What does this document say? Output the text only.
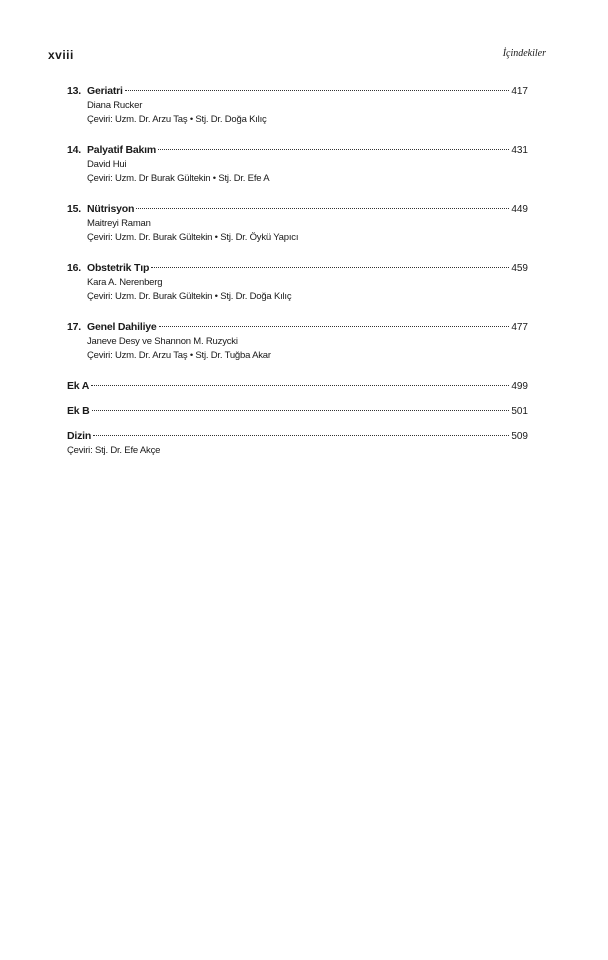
xviii	İçindekiler
13. Geriatri	417
Diana Rucker
Çeviri: Uzm. Dr. Arzu Taş • Stj. Dr. Doğa Kılıç
14. Palyatif Bakım	431
David Hui
Çeviri: Uzm. Dr Burak Gültekin • Stj. Dr. Efe A
15. Nütrisyon	449
Maitreyi Raman
Çeviri: Uzm. Dr. Burak Gültekin • Stj. Dr. Öykü Yapıcı
16. Obstetrik Tıp	459
Kara A. Nerenberg
Çeviri: Uzm. Dr. Burak Gültekin • Stj. Dr. Doğa Kılıç
17. Genel Dahiliye	477
Janeve Desy ve Shannon M. Ruzycki
Çeviri: Uzm. Dr. Arzu Taş • Stj. Dr. Tuğba Akar
Ek A	499
Ek B	501
Dizin	509
Çeviri: Stj. Dr. Efe Akçe
